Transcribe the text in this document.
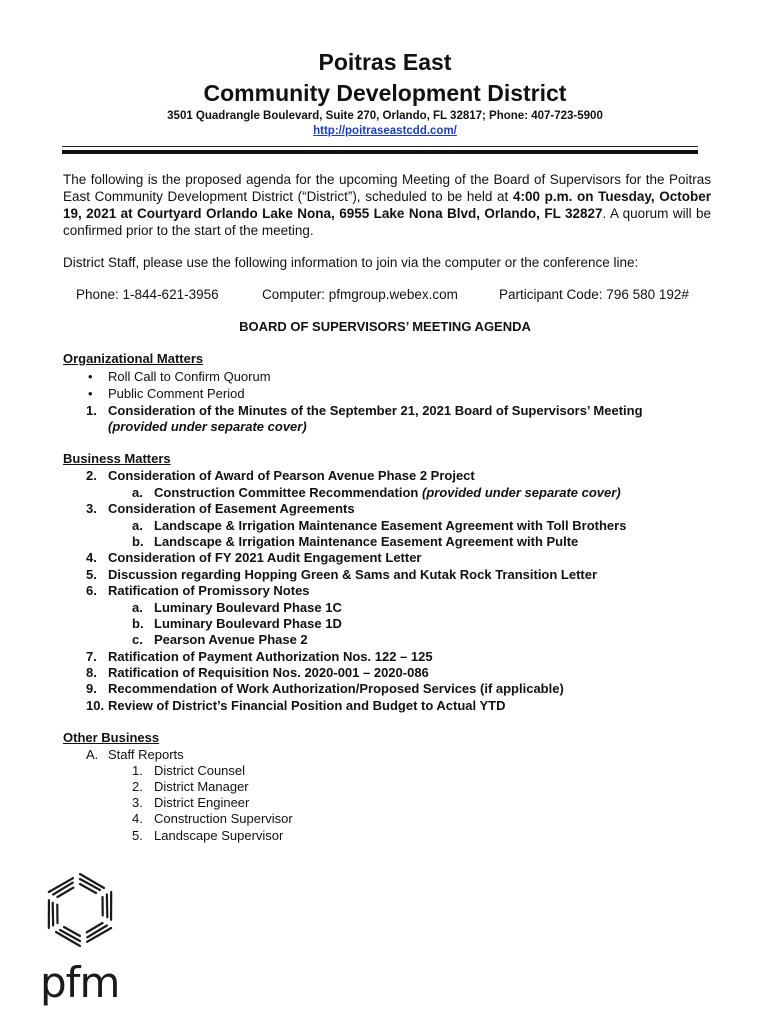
Poitras East
Community Development District
3501 Quadrangle Boulevard, Suite 270, Orlando, FL 32817; Phone: 407-723-5900
http://poitraseastcdd.com/
The following is the proposed agenda for the upcoming Meeting of the Board of Supervisors for the Poitras East Community Development District (“District”), scheduled to be held at 4:00 p.m. on Tuesday, October 19, 2021 at Courtyard Orlando Lake Nona, 6955 Lake Nona Blvd, Orlando, FL 32827. A quorum will be confirmed prior to the start of the meeting.
District Staff, please use the following information to join via the computer or the conference line:
Phone: 1-844-621-3956	Computer: pfmgroup.webex.com	Participant Code: 796 580 192#
BOARD OF SUPERVISORS’ MEETING AGENDA
Organizational Matters
• Roll Call to Confirm Quorum
• Public Comment Period
1. Consideration of the Minutes of the September 21, 2021 Board of Supervisors’ Meeting
(provided under separate cover)
Business Matters
2. Consideration of Award of Pearson Avenue Phase 2 Project
a. Construction Committee Recommendation (provided under separate cover)
3. Consideration of Easement Agreements
a. Landscape & Irrigation Maintenance Easement Agreement with Toll Brothers
b. Landscape & Irrigation Maintenance Easement Agreement with Pulte
4. Consideration of FY 2021 Audit Engagement Letter
5. Discussion regarding Hopping Green & Sams and Kutak Rock Transition Letter
6. Ratification of Promissory Notes
a. Luminary Boulevard Phase 1C
b. Luminary Boulevard Phase 1D
c. Pearson Avenue Phase 2
7. Ratification of Payment Authorization Nos. 122 – 125
8. Ratification of Requisition Nos. 2020-001 – 2020-086
9. Recommendation of Work Authorization/Proposed Services (if applicable)
10. Review of District’s Financial Position and Budget to Actual YTD
Other Business
A. Staff Reports
1. District Counsel
2. District Manager
3. District Engineer
4. Construction Supervisor
5. Landscape Supervisor
pfm
